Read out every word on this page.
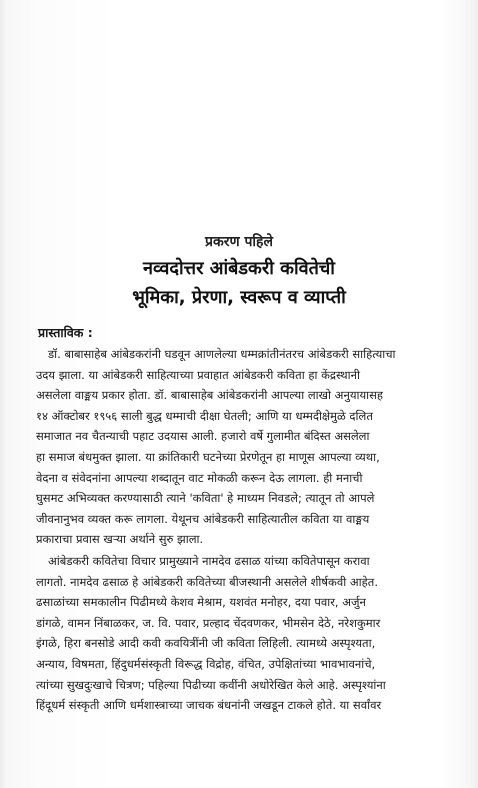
प्रकरण पहिले
नव्वदोत्तर आंबेडकरी कवितेची
भूमिका, प्रेरणा, स्वरूप व व्याप्ती
प्रास्ताविक :
डॉ. बाबासाहेब आंबेडकरांनी घडवून आणलेल्या धम्मक्रांतीनंतरच आंबेडकरी साहित्याचा
उदय झाला. या आंबेडकरी साहित्याच्या प्रवाहात आंबेडकरी कविता हा केंद्रस्थानी
असलेला वाङ्मय प्रकार होता. डॉ. बाबासाहेब आंबेडकरांनी आपल्या लाखो अनुयायासह
१४ ऑक्टोबर १९५६ साली बुद्ध धम्माची दीक्षा घेतली; आणि या धम्मदीक्षेमुळे दलित
समाजात नव चैतन्याची पहाट उदयास आली. हजारो वर्षे गुलामीत बंदिस्त असलेला
हा समाज बंधमुक्त झाला. या क्रांतिकारी घटनेच्या प्रेरणेतून हा माणूस आपल्या व्यथा,
वेदना व संवेदनांना आपल्या शब्दातून वाट मोकळी करून देऊ लागला. ही मनाची
घुसमट अभिव्यक्त करण्यासाठी त्याने 'कविता' हे माध्यम निवडले; त्यातून तो आपले
जीवनानुभव व्यक्त करू लागला. येथूनच आंबेडकरी साहित्यातील कविता या वाङ्मय
प्रकाराचा प्रवास खऱ्या अर्थाने सुरु झाला.
आंबेडकरी कवितेचा विचार प्रामुख्याने नामदेव ढसाळ यांच्या कवितेपासून करावा
लागतो. नामदेव ढसाळ हे आंबेडकरी कवितेच्या बीजस्थानी असलेले शीर्षकवी आहेत.
ढसाळांच्या समकालीन पिढीमध्ये केशव मेश्राम, यशवंत मनोहर, दया पवार, अर्जुन
डांगळे, वामन निंबाळकर, ज. वि. पवार, प्रल्हाद चेंदवणकर, भीमसेन देठे, नरेशकुमार
इंगळे, हिरा बनसोडे आदी कवी कवयित्रींनी जी कविता लिहिली. त्यामध्ये अस्पृश्यता,
अन्याय, विषमता, हिंदुधर्मसंस्कृती विरूद्ध विद्रोह, वंचित, उपेक्षितांच्या भावभावनांचे,
त्यांच्या सुखदुःखाचे चित्रण; पहिल्या पिढीच्या कवींनी अधोरेखित केले आहे. अस्पृश्यांना
हिंदूधर्म संस्कृती आणि धर्मशास्त्राच्या जाचक बंधनांनी जखडून टाकले होते. या सर्वांवर
